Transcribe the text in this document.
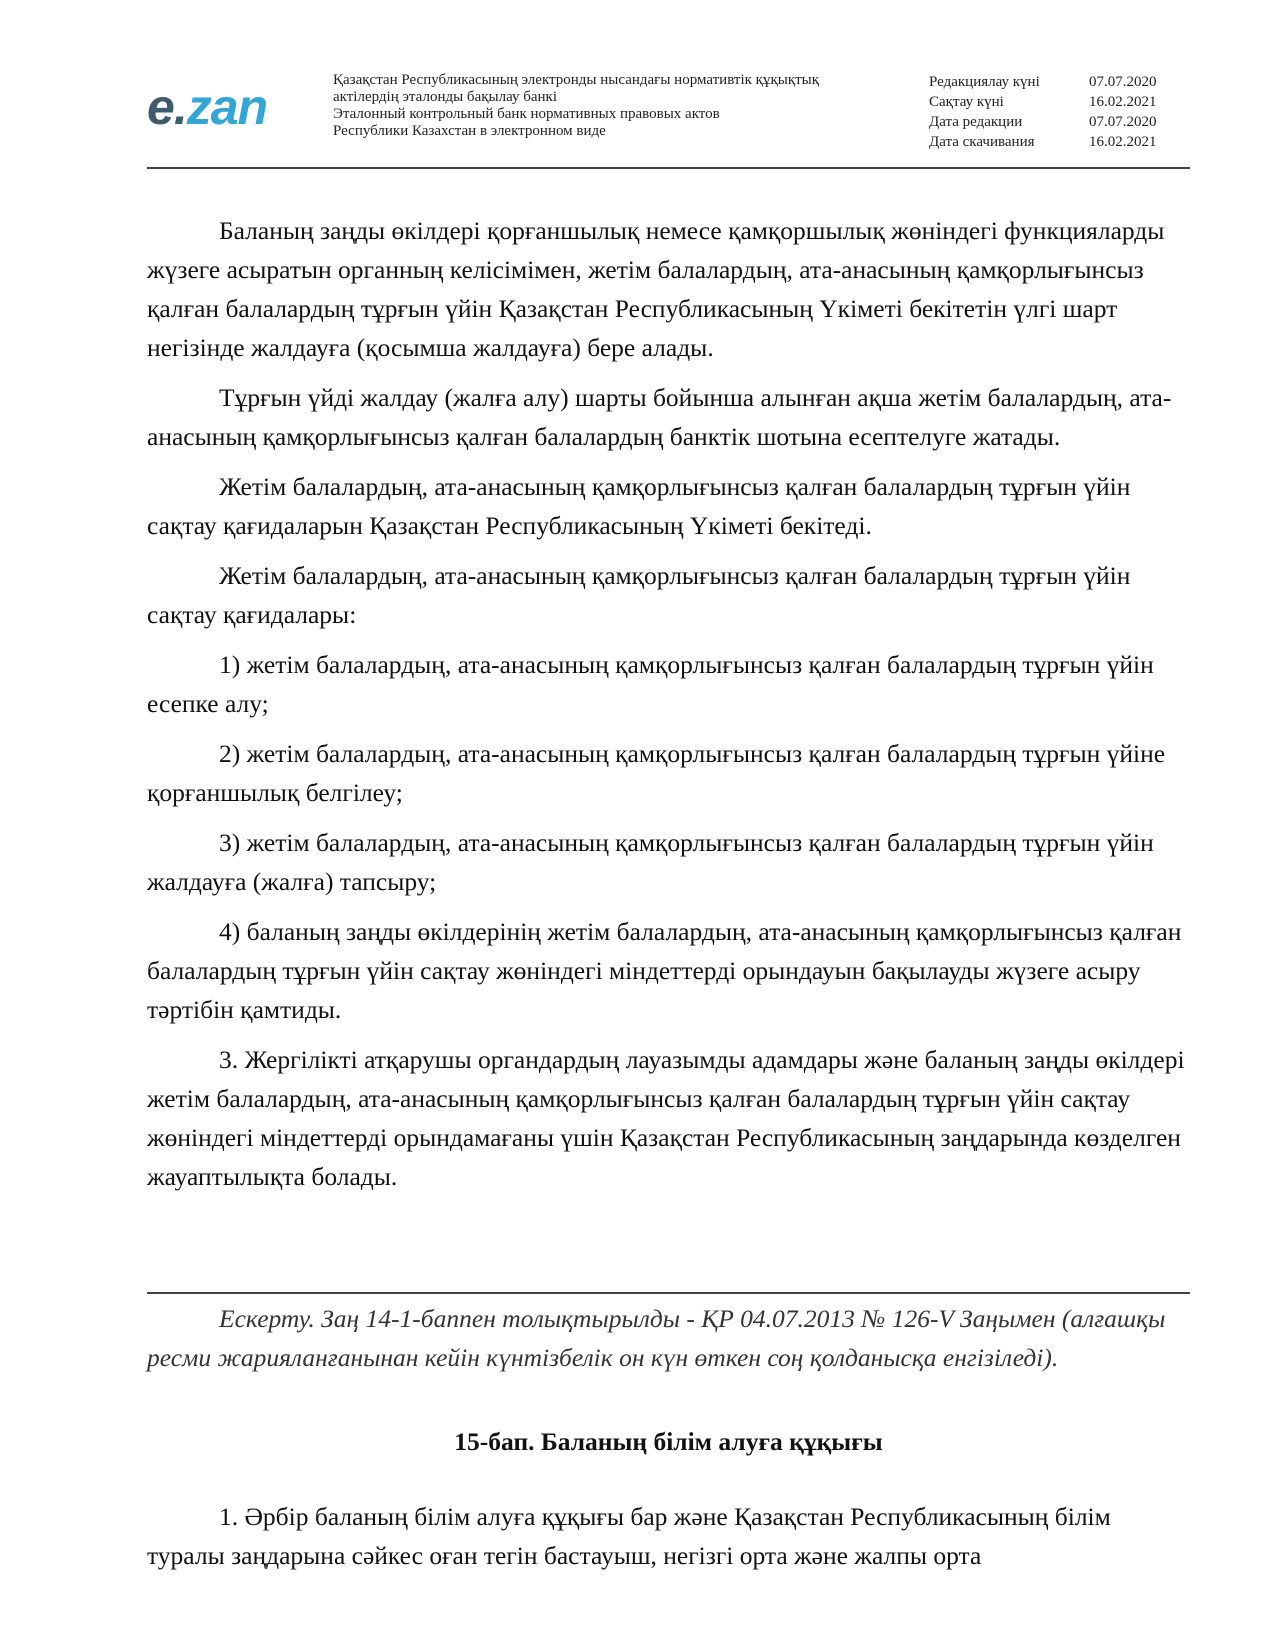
e.zan	Қазақстан Республикасының электронды нысандағы нормативтік құқықтық
актілердің эталонды бақылау банкі
Эталонный контрольный банк нормативных правовых актов
Республики Казахстан в электронном виде
Редакциялау күні	07.07.2020
Сақтау күні	16.02.2021
Дата редакции	07.07.2020
Дата скачивания	16.02.2021

Баланың заңды өкілдері қорғаншылық немесе қамқоршылық жөніндегі функцияларды жүзеге асыратын органның келісімімен, жетім балалардың, ата-анасының қамқорлығынсыз қалған балалардың тұрғын үйін Қазақстан Республикасының Үкіметі бекітетін үлгі шарт негізінде жалдауға (қосымша жалдауға) бере алады.

Тұрғын үйді жалдау (жалға алу) шарты бойынша алынған ақша жетім балалардың, ата-анасының қамқорлығынсыз қалған балалардың банктік шотына есептелуге жатады.

Жетім балалардың, ата-анасының қамқорлығынсыз қалған балалардың тұрғын үйін сақтау қағидаларын Қазақстан Республикасының Үкіметі бекітеді.

Жетім балалардың, ата-анасының қамқорлығынсыз қалған балалардың тұрғын үйін сақтау қағидалары:

1) жетім балалардың, ата-анасының қамқорлығынсыз қалған балалардың тұрғын үйін есепке алу;

2) жетім балалардың, ата-анасының қамқорлығынсыз қалған балалардың тұрғын үйіне қорғаншылық белгілеу;

3) жетім балалардың, ата-анасының қамқорлығынсыз қалған балалардың тұрғын үйін жалдауға (жалға) тапсыру;

4) баланың заңды өкілдерінің жетім балалардың, ата-анасының қамқорлығынсыз қалған балалардың тұрғын үйін сақтау жөніндегі міндеттерді орындауын бақылауды жүзеге асыру тәртібін қамтиды.

3. Жергілікті атқарушы органдардың лауазымды адамдары және баланың заңды өкілдері жетім балалардың, ата-анасының қамқорлығынсыз қалған балалардың тұрғын үйін сақтау жөніндегі міндеттерді орындамағаны үшін Қазақстан Республикасының заңдарында көзделген жауаптылықта болады.

Ескерту. Заң 14-1-баппен толықтырылды - ҚР 04.07.2013 № 126-V Заңымен (алғашқы ресми жарияланғанынан кейін күнтізбелік он күн өткен соң қолданысқа енгізіледі).

15-бап. Баланың білім алуға құқығы

1. Әрбір баланың білім алуға құқығы бар және Қазақстан Республикасының білім туралы заңдарына сәйкес оған тегін бастауыш, негізгі орта және жалпы орта
